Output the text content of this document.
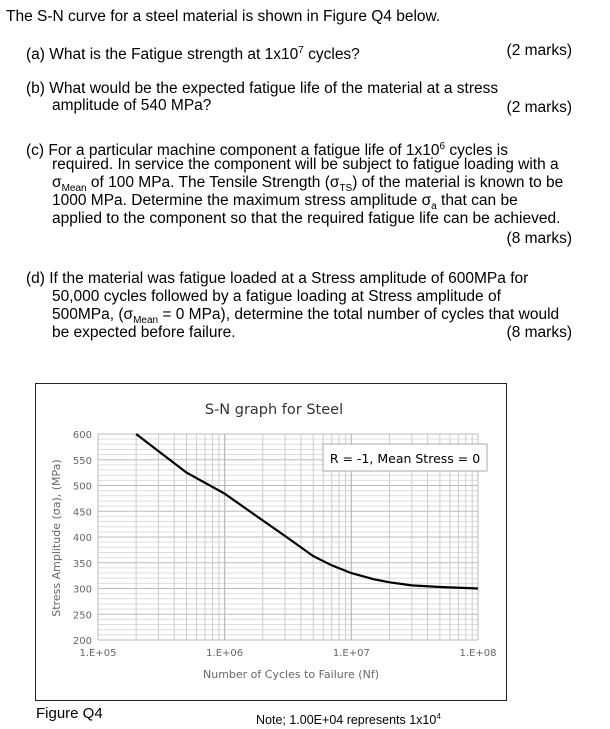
The S-N curve for a steel material is shown in Figure Q4 below.
(a) What is the Fatigue strength at $1x10^7$ cycles?	(2 marks)
(b) What would be the expected fatigue life of the material at a stress
amplitude of 540 MPa?	(2 marks)
(c) For a particular machine component a fatigue life of $1x10^6$ cycles is
required. In service the component will be subject to fatigue loading with a
$\sigma_{Mean}$ of 100 MPa. The Tensile Strength $(\sigma_{TS})$ of the material is known to be
1000 MPa. Determine the maximum stress amplitude $\sigma_a$ that can be
applied to the component so that the required fatigue life can be achieved.
(8 marks)
(d) If the material was fatigue loaded at a Stress amplitude of 600MPa for
50,000 cycles followed by a fatigue loading at Stress amplitude of
500MPa, ($\sigma_{Mean} = 0$ MPa), determine the total number of cycles that would
be expected before failure.	(8 marks)
200
250
300
350
400
450
500
550
600
1.E+05	1.E+06	1.E+07	1.E+08
S-N graph for Steel
R = -1, Mean Stress = 0
Number of Cycles to Failure (Nf)
Stress Amplitude (σa), (MPa)
Figure Q4	Note; 1.00E+04 represents $1x10^4$
